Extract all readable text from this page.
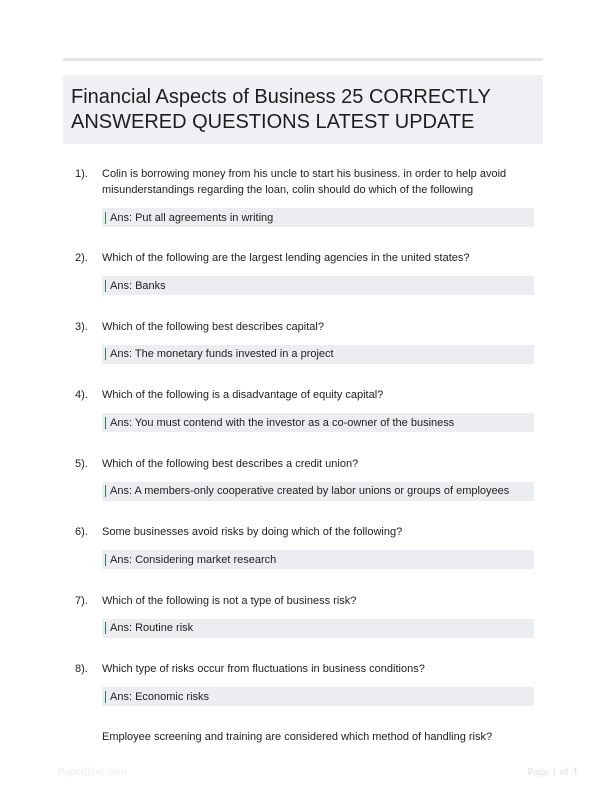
Financial Aspects of Business 25 CORRECTLY ANSWERED QUESTIONS LATEST UPDATE
1). Colin is borrowing money from his uncle to start his business. in order to help avoid misunderstandings regarding the loan, colin should do which of the following
Ans: Put all agreements in writing
2). Which of the following are the largest lending agencies in the united states?
Ans: Banks
3). Which of the following best describes capital?
Ans: The monetary funds invested in a project
4). Which of the following is a disadvantage of equity capital?
Ans: You must contend with the investor as a co-owner of the business
5). Which of the following best describes a credit union?
Ans: A members-only cooperative created by labor unions or groups of employees
6). Some businesses avoid risks by doing which of the following?
Ans: Considering market research
7). Which of the following is not a type of business risk?
Ans: Routine risk
8). Which type of risks occur from fluctuations in business conditions?
Ans: Economic risks
Employee screening and training are considered which method of handling risk?
Paperflibic.com	Page 1 of 3
